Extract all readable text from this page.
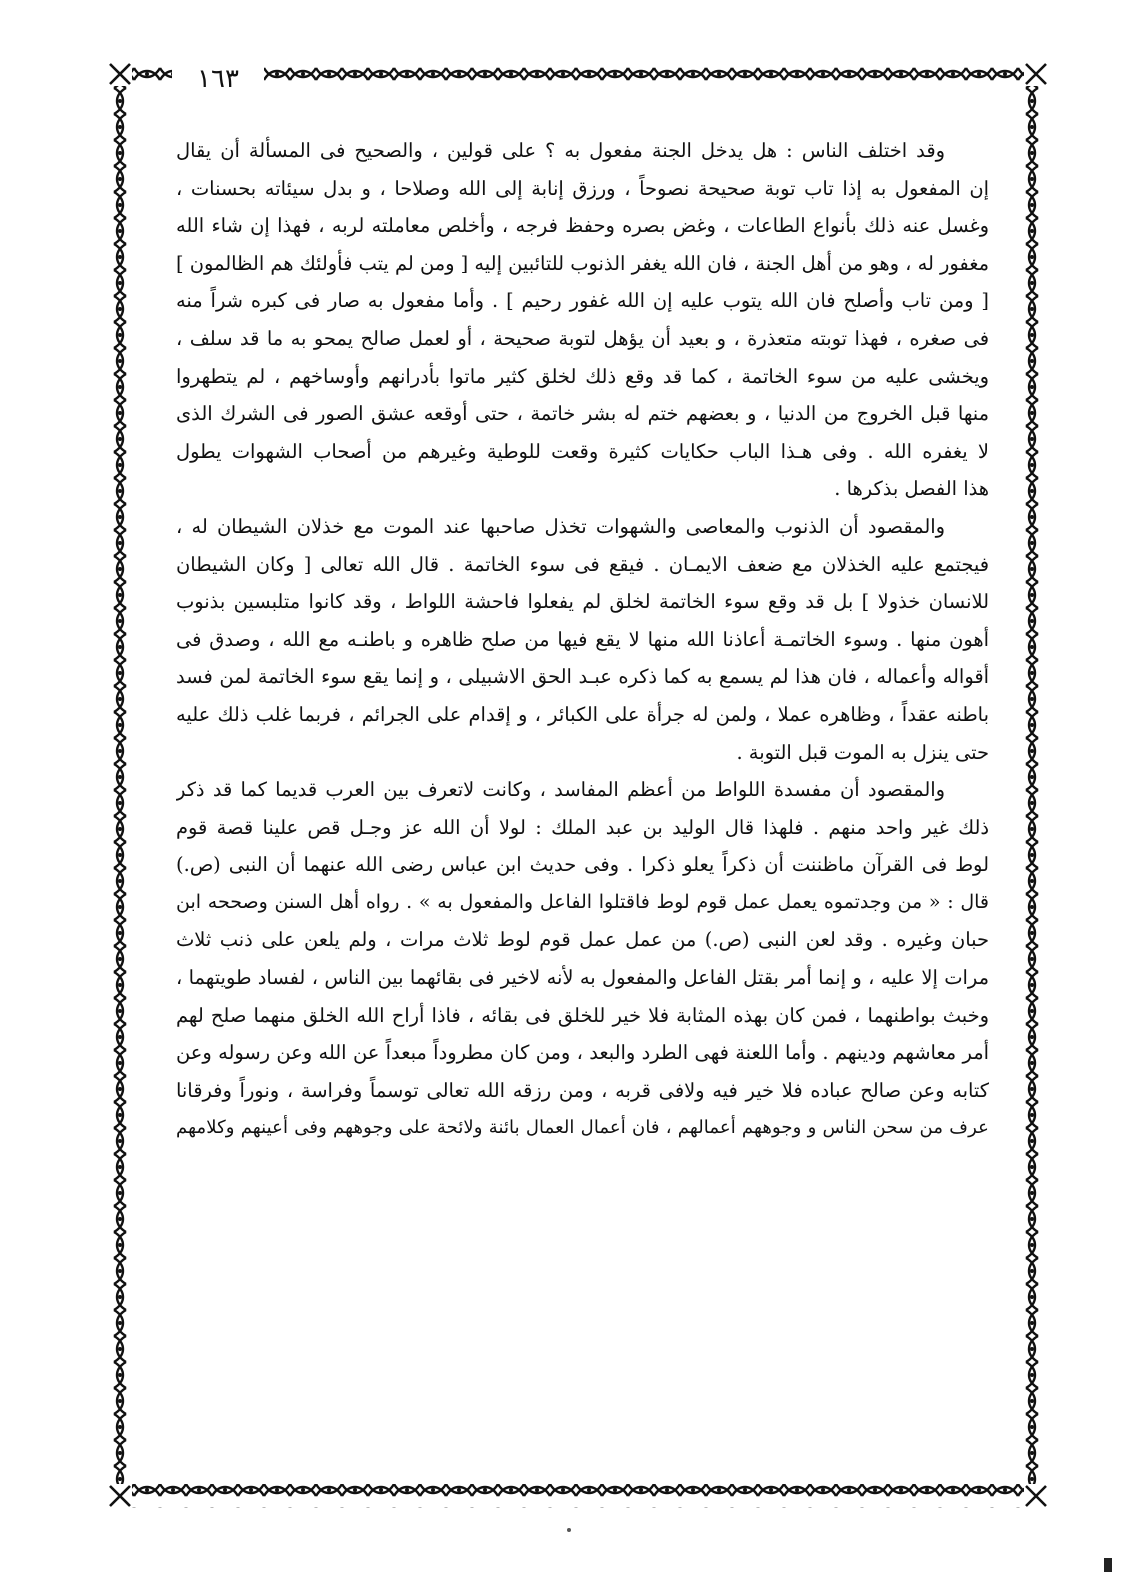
١٦٣
وقد اختلف الناس : هل يدخل الجنة مفعول به ؟ على قولين ، والصحيح فى المسألة أن يقال
إن المفعول به إذا تاب توبة صحيحة نصوحاً ، ورزق إنابة إلى الله وصلاحا ، و بدل سيئاته بحسنات ،
وغسل عنه ذلك بأنواع الطاعات ، وغض بصره وحفظ فرجه ، وأخلص معاملته لربه ، فهذا إن شاء الله
مغفور له ، وهو من أهل الجنة ، فان الله يغفر الذنوب للتائبين إليه [ ومن لم يتب فأولئك هم الظالمون ]
[ ومن تاب وأصلح فان الله يتوب عليه إن الله غفور رحيم ] . وأما مفعول به صار فى كبره شراً منه
فى صغره ، فهذا توبته متعذرة ، و بعيد أن يؤهل لتوبة صحيحة ، أو لعمل صالح يمحو به ما قد سلف ،
ويخشى عليه من سوء الخاتمة ، كما قد وقع ذلك لخلق كثير ماتوا بأدرانهم وأوساخهم ، لم يتطهروا
منها قبل الخروج من الدنيا ، و بعضهم ختم له بشر خاتمة ، حتى أوقعه عشق الصور فى الشرك الذى
لا يغفره الله . وفى هـذا الباب حكايات كثيرة وقعت للوطية وغيرهم من أصحاب الشهوات يطول
هذا الفصل بذكرها .
والمقصود أن الذنوب والمعاصى والشهوات تخذل صاحبها عند الموت مع خذلان الشيطان له ،
فيجتمع عليه الخذلان مع ضعف الايمـان . فيقع فى سوء الخاتمة . قال الله تعالى [ وكان الشيطان
للانسان خذولا ] بل قد وقع سوء الخاتمة لخلق لم يفعلوا فاحشة اللواط ، وقد كانوا متلبسين بذنوب
أهون منها . وسوء الخاتمـة أعاذنا الله منها لا يقع فيها من صلح ظاهره و باطنـه مع الله ، وصدق فى
أقواله وأعماله ، فان هذا لم يسمع به كما ذكره عبـد الحق الاشبيلى ، و إنما يقع سوء الخاتمة لمن فسد
باطنه عقداً ، وظاهره عملا ، ولمن له جرأة على الكبائر ، و إقدام على الجرائم ، فربما غلب ذلك عليه
حتى ينزل به الموت قبل التوبة .
والمقصود أن مفسدة اللواط من أعظم المفاسد ، وكانت لاتعرف بين العرب قديما كما قد ذكر
ذلك غير واحد منهم . فلهذا قال الوليد بن عبد الملك : لولا أن الله عز وجـل قص علينا قصة قوم
لوط فى القرآن ماظننت أن ذكراً يعلو ذكرا . وفى حديث ابن عباس رضى الله عنهما أن النبى (ص.)
قال : « من وجدتموه يعمل عمل قوم لوط فاقتلوا الفاعل والمفعول به » . رواه أهل السنن وصححه ابن
حبان وغيره . وقد لعن النبى (ص.) من عمل عمل قوم لوط ثلاث مرات ، ولم يلعن على ذنب ثلاث
مرات إلا عليه ، و إنما أمر بقتل الفاعل والمفعول به لأنه لاخير فى بقائهما بين الناس ، لفساد طويتهما ،
وخبث بواطنهما ، فمن كان بهذه المثابة فلا خير للخلق فى بقائه ، فاذا أراح الله الخلق منهما صلح لهم
أمر معاشهم ودينهم . وأما اللعنة فهى الطرد والبعد ، ومن كان مطروداً مبعداً عن الله وعن رسوله وعن
كتابه وعن صالح عباده فلا خير فيه ولافى قربه ، ومن رزقه الله تعالى توسماً وفراسة ، ونوراً وفرقانا
عرف من سحن الناس و وجوههم أعمالهم ، فان أعمال العمال بائنة ولائحة على وجوههم وفى أعينهم وكلامهم
